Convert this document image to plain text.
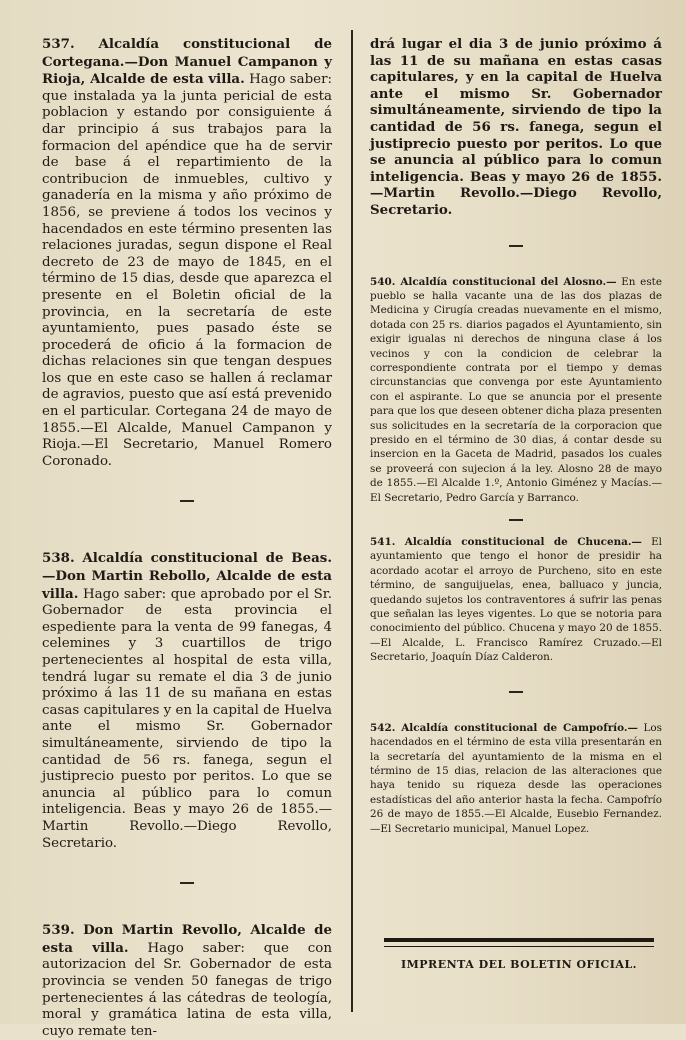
537. Alcaldía constitucional de Cortegana.—Don Manuel Campanon y Rioja, Alcalde de esta villa. Hago saber: que instalada ya la junta pericial de esta poblacion y estando por consiguiente á dar principio á sus trabajos para la formacion del apéndice que ha de servir de base á el repartimiento de la contribucion de inmuebles, cultivo y ganadería en la misma y año próximo de 1856, se previene á todos los vecinos y hacendados en este término presenten las relaciones juradas, segun dispone el Real decreto de 23 de mayo de 1845, en el término de 15 dias, desde que aparezca el presente en el Boletin oficial de la provincia, en la secretaría de este ayuntamiento, pues pasado éste se procederá de oficio á la formacion de dichas relaciones sin que tengan despues los que en este caso se hallen á reclamar de agravios, puesto que así está prevenido en el particular. Cortegana 24 de mayo de 1855.—El Alcalde, Manuel Campanon y Rioja.—El Secretario, Manuel Romero Coronado.

538. Alcaldía constitucional de Beas.—Don Martin Rebollo, Alcalde de esta villa. Hago saber: que aprobado por el Sr. Gobernador de esta provincia el espediente para la venta de 99 fanegas, 4 celemines y 3 cuartillos de trigo pertenecientes al hospital de esta villa, tendrá lugar su remate el dia 3 de junio próximo á las 11 de su mañana en estas casas capitulares y en la capital de Huelva ante el mismo Sr. Gobernador simultáneamente, sirviendo de tipo la cantidad de 56 rs. fanega, segun el justiprecio puesto por peritos. Lo que se anuncia al público para lo comun inteligencia. Beas y mayo 26 de 1855.—Martin Revollo.—Diego Revollo, Secretario.

539. Don Martin Revollo, Alcalde de esta villa. Hago saber: que con autorizacion del Sr. Gobernador de esta provincia se venden 50 fanegas de trigo pertenecientes á las cátedras de teología, moral y gramática latina de esta villa, cuyo remate ten-

drá lugar el dia 3 de junio próximo á las 11 de su mañana en estas casas capitulares, y en la capital de Huelva ante el mismo Sr. Gobernador simultáneamente, sirviendo de tipo la cantidad de 56 rs. fanega, segun el justiprecio puesto por peritos. Lo que se anuncia al público para lo comun inteligencia. Beas y mayo 26 de 1855.—Martin Revollo.—Diego Revollo, Secretario.

540. Alcaldía constitucional del Alosno.— En este pueblo se halla vacante una de las dos plazas de Medicina y Cirugía creadas nuevamente en el mismo, dotada con 25 rs. diarios pagados el Ayuntamiento, sin exigir igualas ni derechos de ninguna clase á los vecinos y con la condicion de celebrar la correspondiente contrata por el tiempo y demas circunstancias que convenga por este Ayuntamiento con el aspirante. Lo que se anuncia por el presente para que los que deseen obtener dicha plaza presenten sus solicitudes en la secretaría de la corporacion que presido en el término de 30 dias, á contar desde su insercion en la Gaceta de Madrid, pasados los cuales se proveerá con sujecion á la ley. Alosno 28 de mayo de 1855.—El Alcalde 1.º, Antonio Giménez y Macías.—El Secretario, Pedro García y Barranco.

541. Alcaldía constitucional de Chucena.— El ayuntamiento que tengo el honor de presidir ha acordado acotar el arroyo de Purcheno, sito en este término, de sanguijuelas, enea, balluaco y juncia, quedando sujetos los contraventores á sufrir las penas que señalan las leyes vigentes. Lo que se notoria para conocimiento del público. Chucena y mayo 20 de 1855.—El Alcalde, L. Francisco Ramírez Cruzado.—El Secretario, Joaquín Díaz Calderon.

542. Alcaldía constitucional de Campofrío.— Los hacendados en el término de esta villa presentarán en la secretaría del ayuntamiento de la misma en el término de 15 dias, relacion de las alteraciones que haya tenido su riqueza desde las operaciones estadísticas del año anterior hasta la fecha. Campofrío 26 de mayo de 1855.—El Alcalde, Eusebio Fernandez.—El Secretario municipal, Manuel Lopez.

IMPRENTA DEL BOLETIN OFICIAL.
